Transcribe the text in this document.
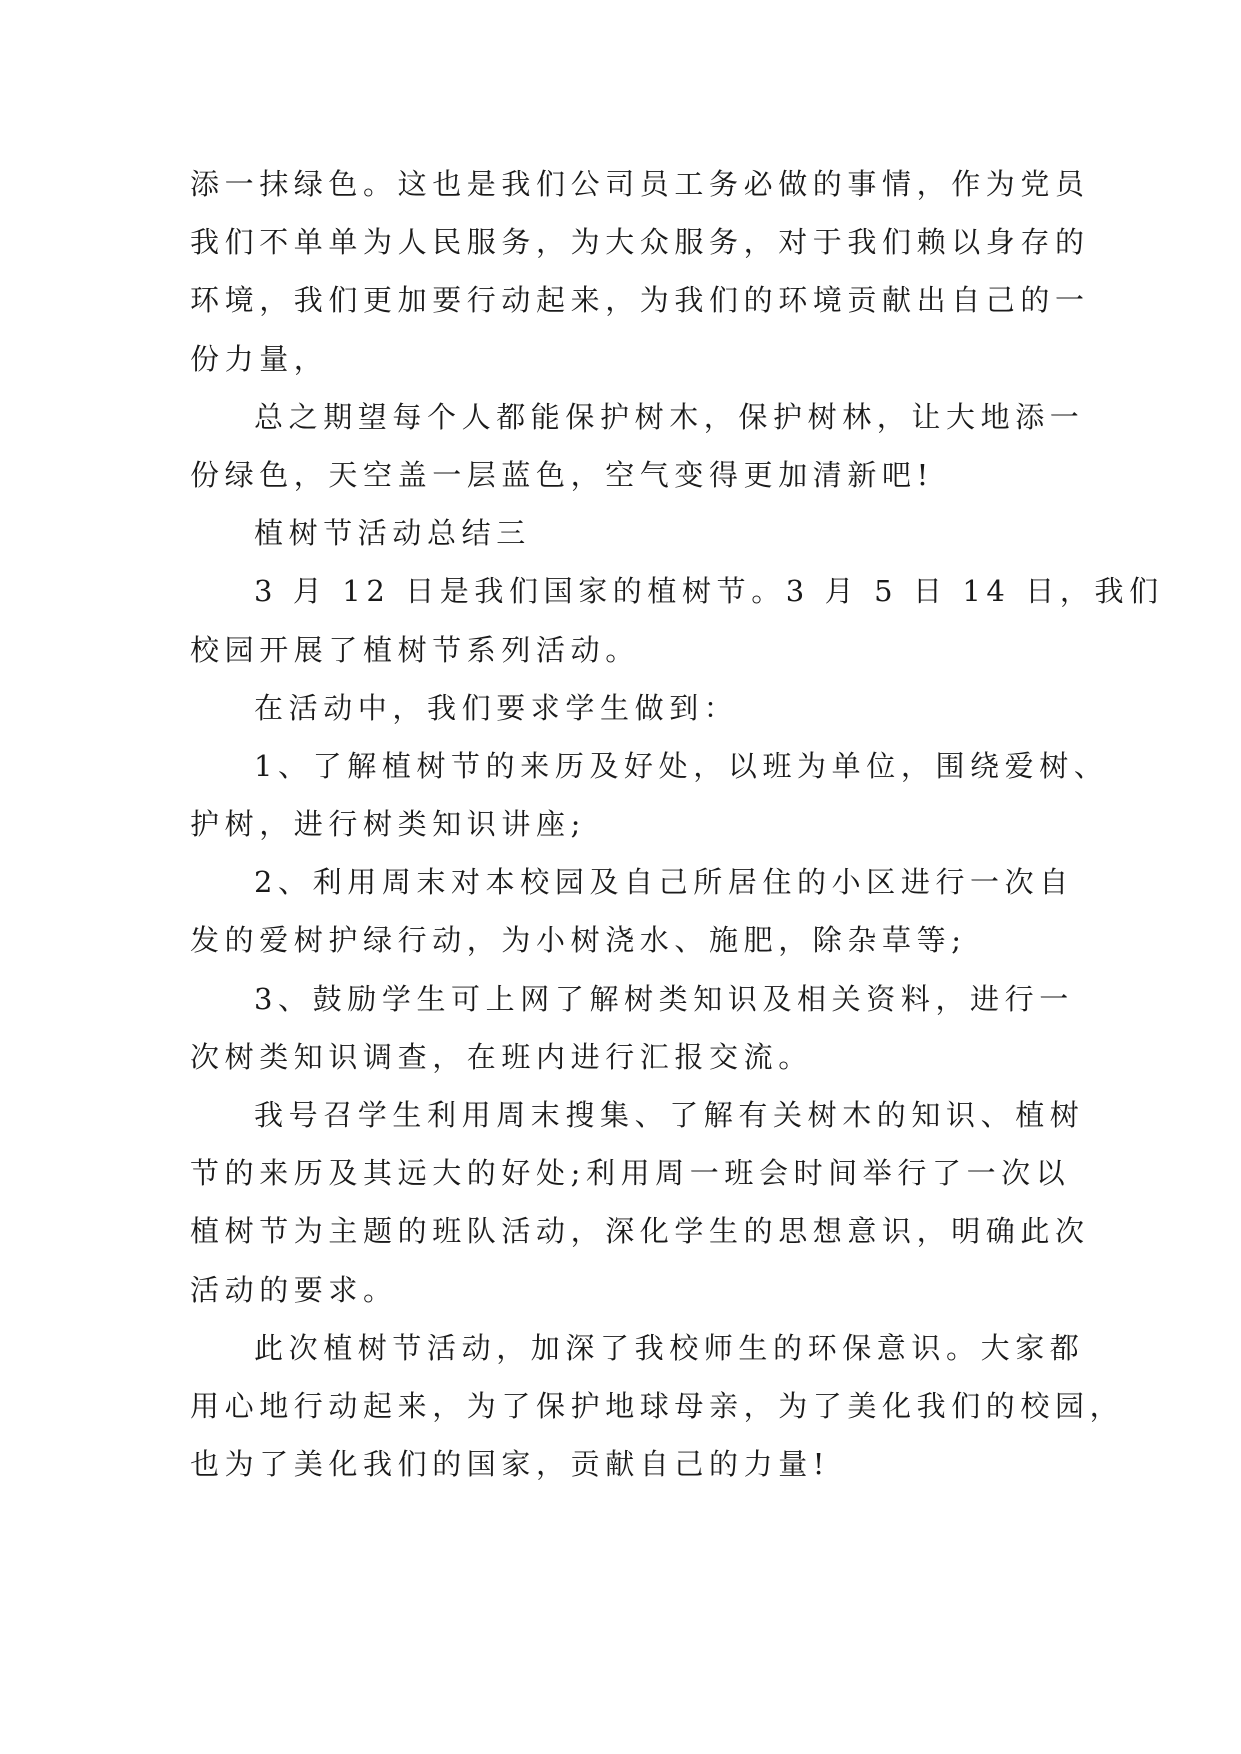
添一抹绿色。这也是我们公司员工务必做的事情，作为党员
我们不单单为人民服务，为大众服务，对于我们赖以身存的
环境，我们更加要行动起来，为我们的环境贡献出自己的一
份力量，
总之期望每个人都能保护树木，保护树林，让大地添一
份绿色，天空盖一层蓝色，空气变得更加清新吧!
植树节活动总结三
3 月 12 日是我们国家的植树节。3 月 5 日 14 日，我们
校园开展了植树节系列活动。
在活动中，我们要求学生做到：
1、了解植树节的来历及好处，以班为单位，围绕爱树、
护树，进行树类知识讲座;
2、利用周末对本校园及自己所居住的小区进行一次自
发的爱树护绿行动，为小树浇水、施肥，除杂草等;
3、鼓励学生可上网了解树类知识及相关资料，进行一
次树类知识调查，在班内进行汇报交流。
我号召学生利用周末搜集、了解有关树木的知识、植树
节的来历及其远大的好处;利用周一班会时间举行了一次以
植树节为主题的班队活动，深化学生的思想意识，明确此次
活动的要求。
此次植树节活动，加深了我校师生的环保意识。大家都
用心地行动起来，为了保护地球母亲，为了美化我们的校园，
也为了美化我们的国家，贡献自己的力量!
